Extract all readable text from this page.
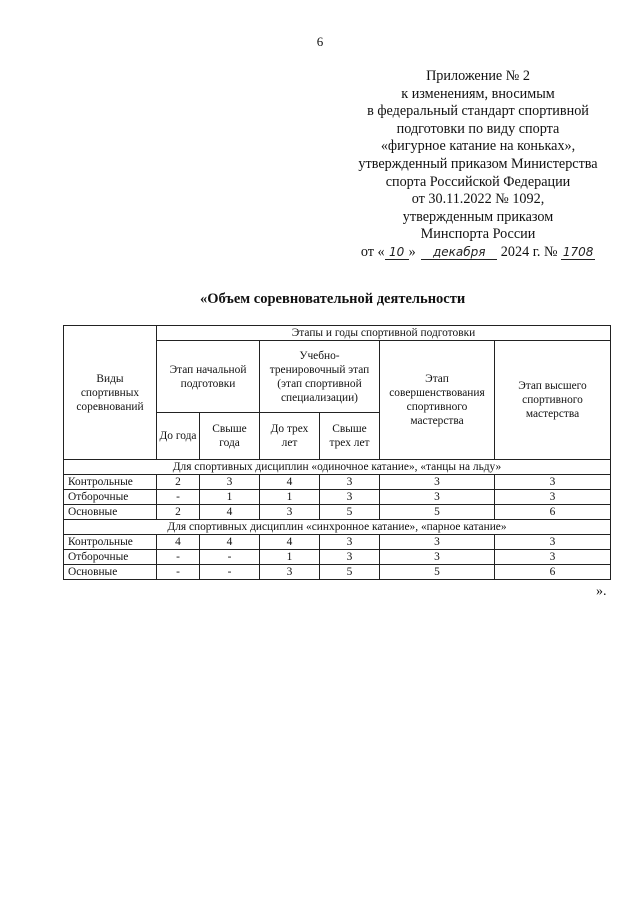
6
Приложение № 2
к изменениям, вносимым
в федеральный стандарт спортивной
подготовки по виду спорта
«фигурное катание на коньках»,
утвержденный приказом Министерства
спорта Российской Федерации
от 30.11.2022 № 1092,
утвержденным приказом
Минспорта России
от « 10 » декабря 2024 г. № 1708
«Объем соревновательной деятельности
Виды спортивных соревнований	Этапы и годы спортивной подготовки					
	Этап начальной подготовки		Учебно-тренировочный этап (этап спортивной специализации)		Этап совершенствования спортивного мастерства	Этап высшего спортивного мастерства
	До года	Свыше года	До трех лет	Свыше трех лет		
Для спортивных дисциплин «одиночное катание», «танцы на льду»						
Контрольные	2	3	4	3	3	3
Отборочные	-	1	1	3	3	3
Основные	2	4	3	5	5	6
Для спортивных дисциплин «синхронное катание», «парное катание»						
Контрольные	4	4	4	3	3	3
Отборочные	-	-	1	3	3	3
Основные	-	-	3	5	5	6
».
